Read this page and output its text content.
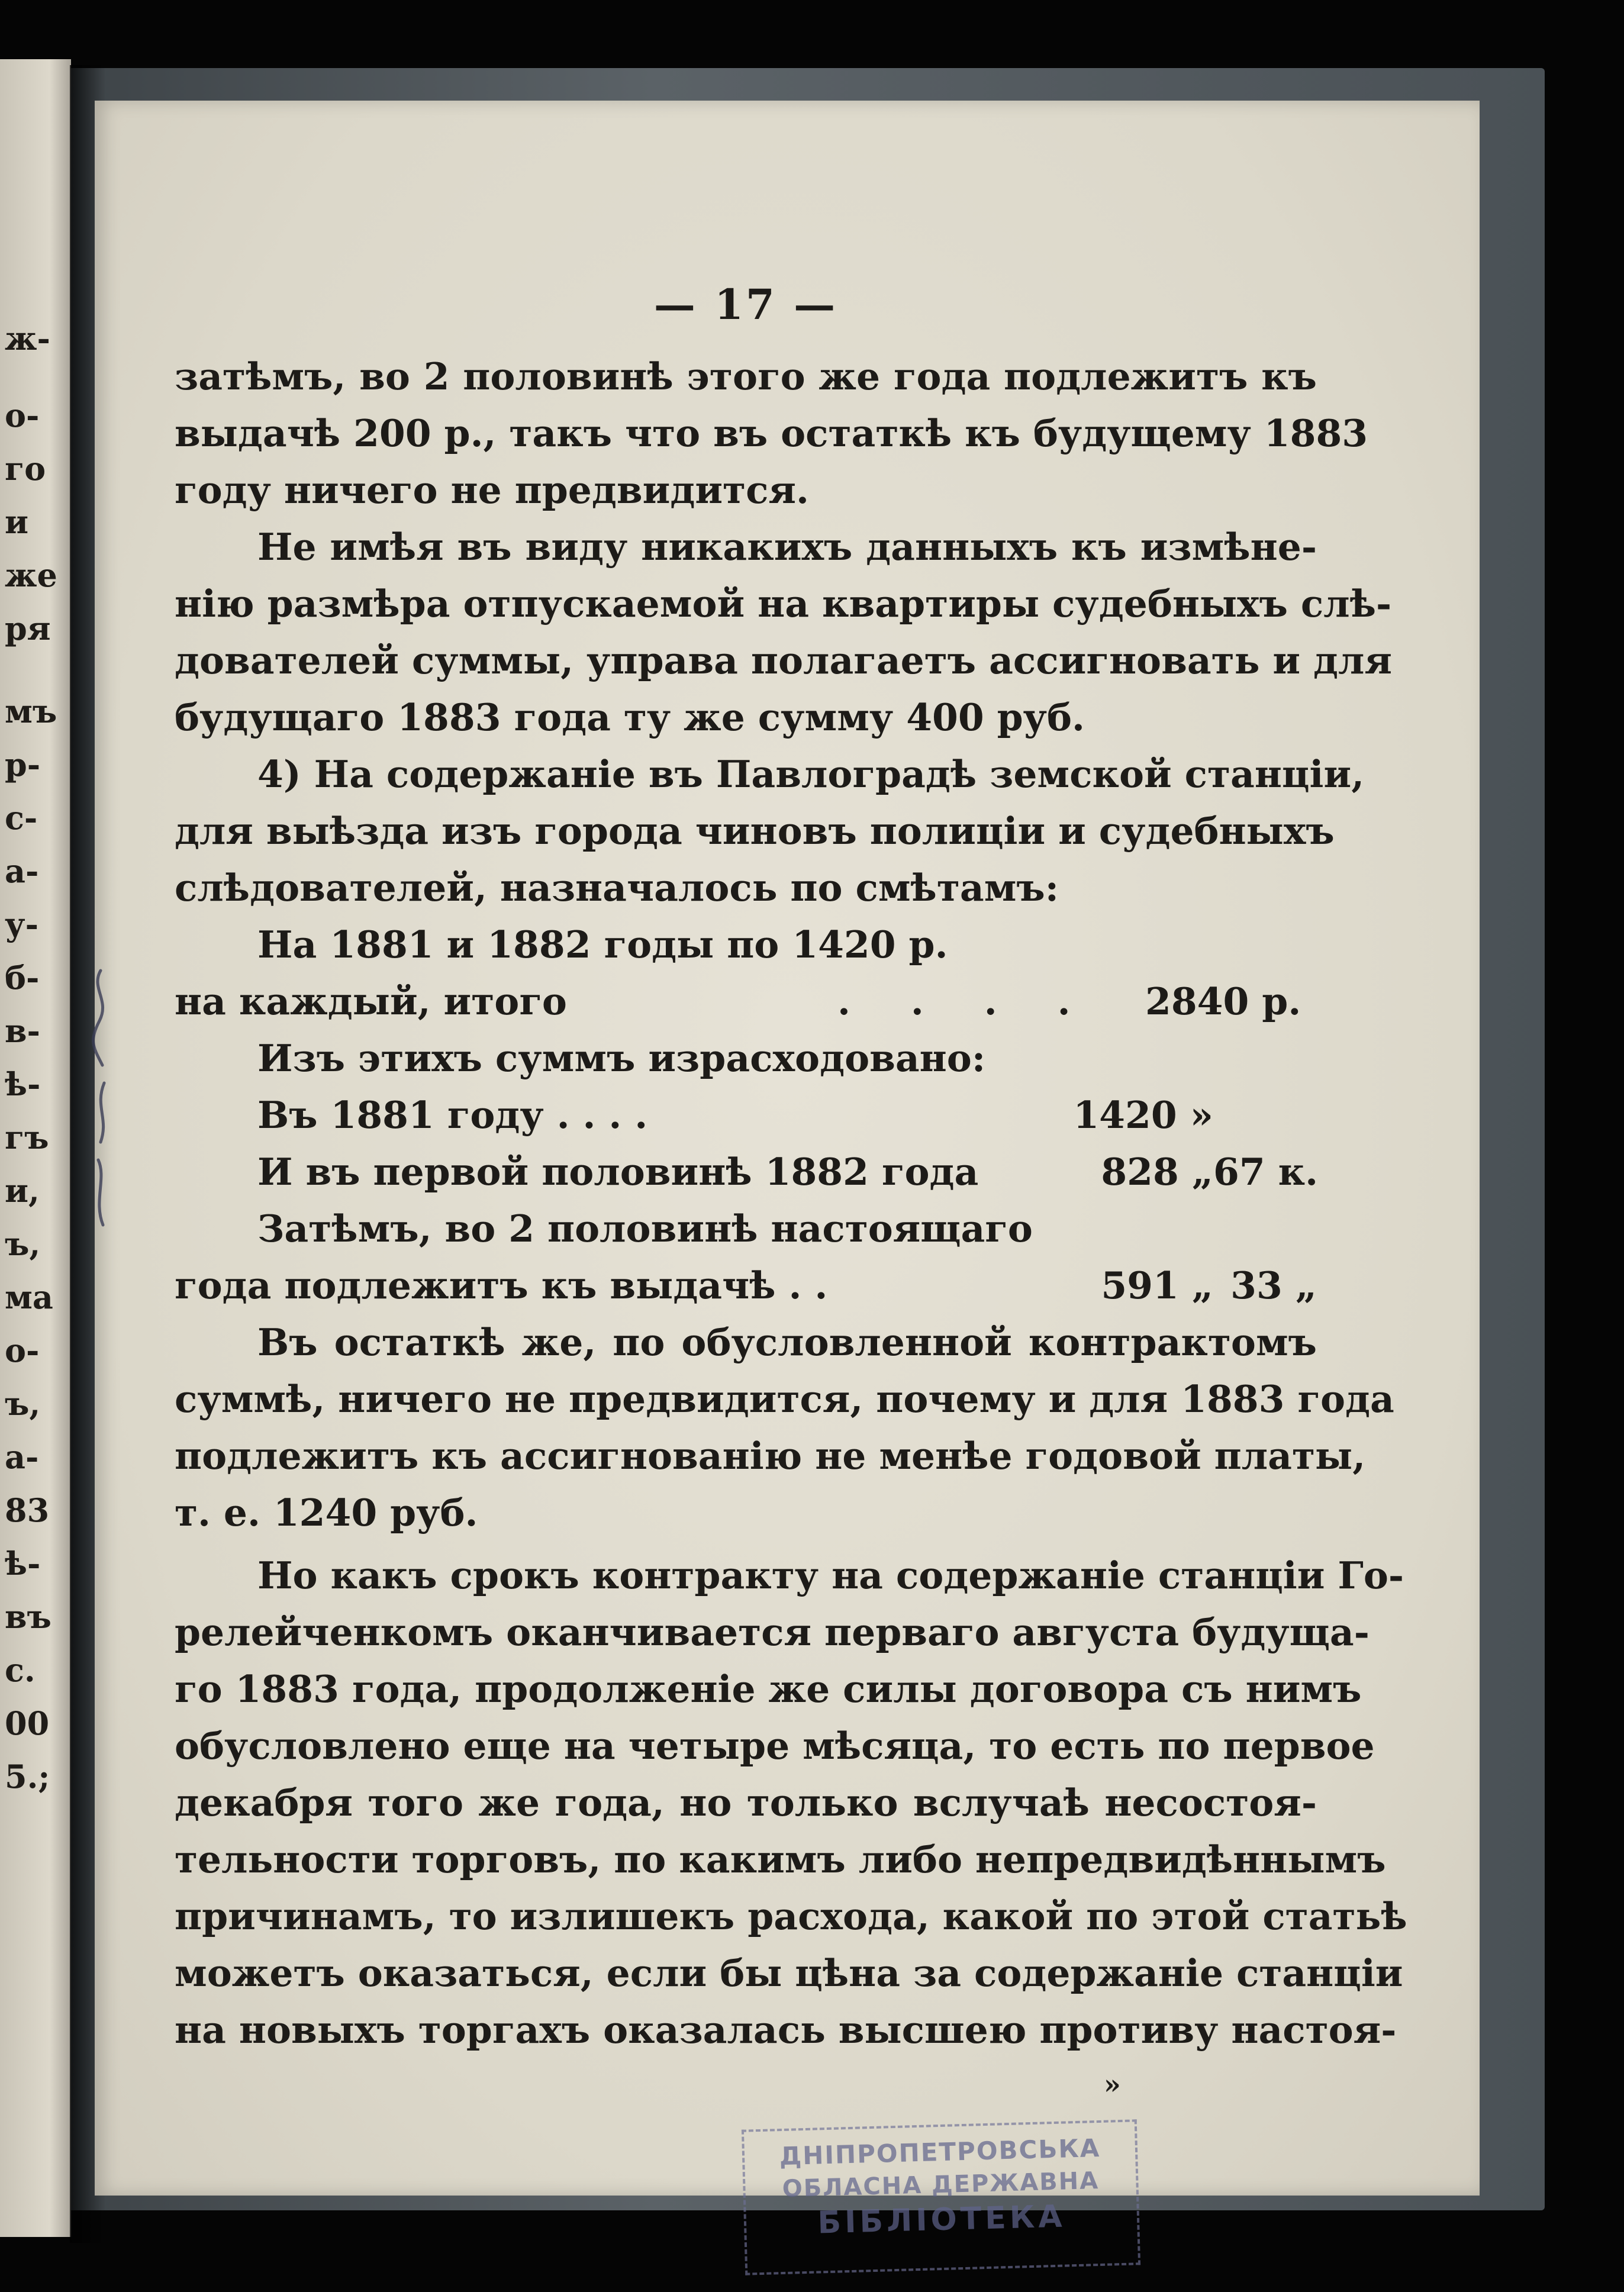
ж-
о-
го
и
же
ря
мъ
р-
с-
а-
у-
б-
в-
ѣ-
гъ
и,
ъ,
ма
о-
ъ,
а-
83
ѣ-
въ
с.
00
5.;
— 17 —
затѣмъ, во 2 половинѣ этого же года подлежитъ къ
выдачѣ 200 р., такъ что въ остаткѣ къ будущему 1883
году ничего не предвидится.
Не имѣя въ виду никакихъ данныхъ къ измѣне-
нію размѣра отпускаемой на квартиры судебныхъ слѣ-
дователей суммы, управа полагаетъ ассигновать и для
будущаго 1883 года ту же сумму 400 руб.
4) На содержаніе въ Павлоградѣ земской станціи,
для выѣзда изъ города чиновъ полиціи и судебныхъ
слѣдователей, назначалось по смѣтамъ:
На 1881 и 1882 годы по 1420 р.
на каждый, итого	. . . .	2840 р.
Изъ этихъ суммъ израсходовано:
Въ 1881 году . . . .	1420 »
И въ первой половинѣ 1882 года	828 „ 67 к.
Затѣмъ, во 2 половинѣ настоящаго
года подлежитъ къ выдачѣ . .	591 „ 33 „
Въ остаткѣ же, по обусловленной контрактомъ
суммѣ, ничего не предвидится, почему и для 1883 года
подлежитъ къ ассигнованію не менѣе годовой платы,
т. е. 1240 руб.
Но какъ срокъ контракту на содержаніе станціи Го-
релейченкомъ оканчивается перваго августа будуща-
го 1883 года, продолженіе же силы договора съ нимъ
обусловлено еще на четыре мѣсяца, то есть по первое
декабря того же года, но только вслучаѣ несостоя-
тельности торговъ, по какимъ либо непредвидѣннымъ
причинамъ, то излишекъ расхода, какой по этой статьѣ
можетъ оказаться, если бы цѣна за содержаніе станціи
на новыхъ торгахъ оказалась высшею противу настоя-
»
ДНІПРОПЕТРОВСЬКА
ОБЛАСНА ДЕРЖАВНА
БІБЛІОТЕКА
